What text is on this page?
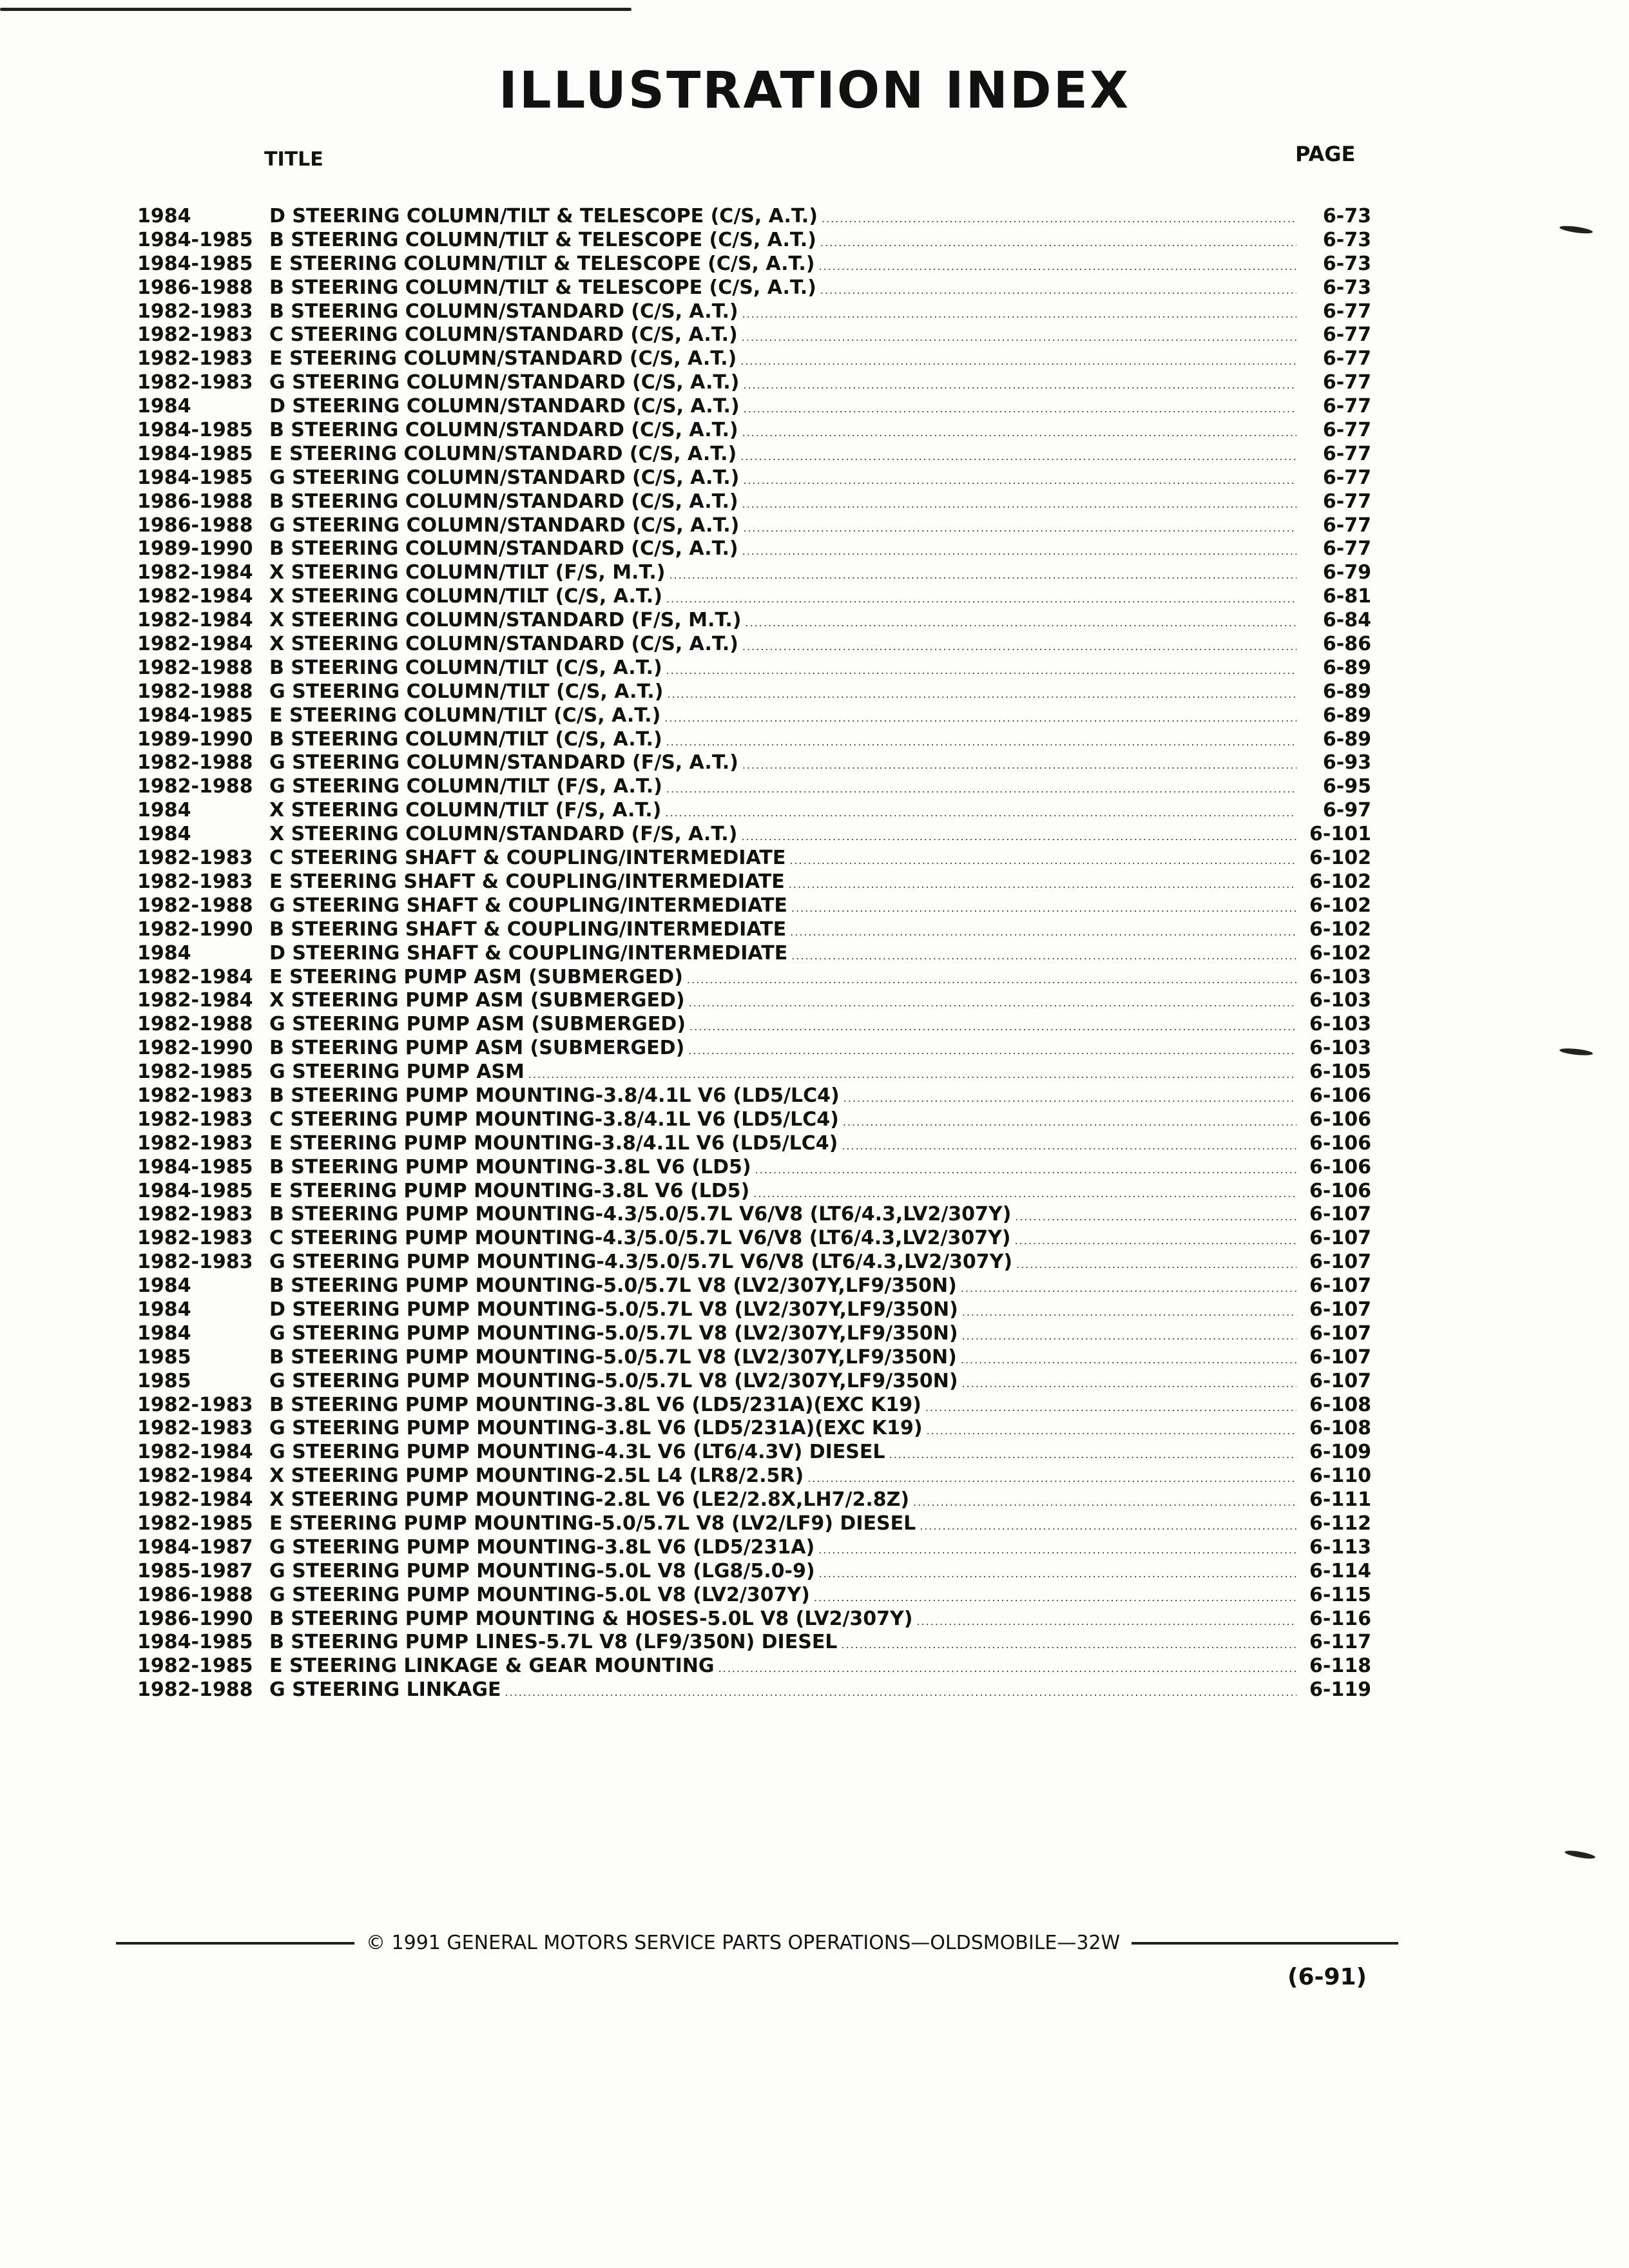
ILLUSTRATION INDEX
TITLE	PAGE
1984	D STEERING COLUMN/TILT & TELESCOPE (C/S, A.T.) .....	6-73
1984-1985 B STEERING COLUMN/TILT & TELESCOPE (C/S, A.T.) .....	6-73
1984-1985 E STEERING COLUMN/TILT & TELESCOPE (C/S, A.T.) .....	6-73
1986-1988 B STEERING COLUMN/TILT & TELESCOPE (C/S, A.T.) .....	6-73
1982-1983 B STEERING COLUMN/STANDARD (C/S, A.T.) .....	6-77
1982-1983 C STEERING COLUMN/STANDARD (C/S, A.T.) .....	6-77
1982-1983 E STEERING COLUMN/STANDARD (C/S, A.T.) .....	6-77
1982-1983 G STEERING COLUMN/STANDARD (C/S, A.T.) .....	6-77
1984	D STEERING COLUMN/STANDARD (C/S, A.T.) .....	6-77
1984-1985 B STEERING COLUMN/STANDARD (C/S, A.T.) .....	6-77
1984-1985 E STEERING COLUMN/STANDARD (C/S, A.T.) .....	6-77
1984-1985 G STEERING COLUMN/STANDARD (C/S, A.T.) .....	6-77
1986-1988 B STEERING COLUMN/STANDARD (C/S, A.T.) .....	6-77
1986-1988 G STEERING COLUMN/STANDARD (C/S, A.T.) .....	6-77
1989-1990 B STEERING COLUMN/STANDARD (C/S, A.T.) .....	6-77
1982-1984 X STEERING COLUMN/TILT (F/S, M.T.) .....	6-79
1982-1984 X STEERING COLUMN/TILT (C/S, A.T.) .....	6-81
1982-1984 X STEERING COLUMN/STANDARD (F/S, M.T.) .....	6-84
1982-1984 X STEERING COLUMN/STANDARD (C/S, A.T.) .....	6-86
1982-1988 B STEERING COLUMN/TILT (C/S, A.T.) .....	6-89
1982-1988 G STEERING COLUMN/TILT (C/S, A.T.) .....	6-89
1984-1985 E STEERING COLUMN/TILT (C/S, A.T.) .....	6-89
1989-1990 B STEERING COLUMN/TILT (C/S, A.T.) .....	6-89
1982-1988 G STEERING COLUMN/STANDARD (F/S, A.T.) .....	6-93
1982-1988 G STEERING COLUMN/TILT (F/S, A.T.) .....	6-95
1984	X STEERING COLUMN/TILT (F/S, A.T.) .....	6-97
1984	X STEERING COLUMN/STANDARD (F/S, A.T.) .....	6-101
1982-1983 C STEERING SHAFT & COUPLING/INTERMEDIATE .....	6-102
1982-1983 E STEERING SHAFT & COUPLING/INTERMEDIATE .....	6-102
1982-1988 G STEERING SHAFT & COUPLING/INTERMEDIATE .....	6-102
1982-1990 B STEERING SHAFT & COUPLING/INTERMEDIATE .....	6-102
1984	D STEERING SHAFT & COUPLING/INTERMEDIATE .....	6-102
1982-1984 E STEERING PUMP ASM (SUBMERGED) .....	6-103
1982-1984 X STEERING PUMP ASM (SUBMERGED) .....	6-103
1982-1988 G STEERING PUMP ASM (SUBMERGED) .....	6-103
1982-1990 B STEERING PUMP ASM (SUBMERGED) .....	6-103
1982-1985 G STEERING PUMP ASM .....	6-105
1982-1983 B STEERING PUMP MOUNTING-3.8/4.1L V6 (LD5/LC4) .....	6-106
1982-1983 C STEERING PUMP MOUNTING-3.8/4.1L V6 (LD5/LC4) .....	6-106
1982-1983 E STEERING PUMP MOUNTING-3.8/4.1L V6 (LD5/LC4) .....	6-106
1984-1985 B STEERING PUMP MOUNTING-3.8L V6 (LD5) .....	6-106
1984-1985 E STEERING PUMP MOUNTING-3.8L V6 (LD5) .....	6-106
1982-1983 B STEERING PUMP MOUNTING-4.3/5.0/5.7L V6/V8 (LT6/4.3,LV2/307Y) .....	6-107
1982-1983 C STEERING PUMP MOUNTING-4.3/5.0/5.7L V6/V8 (LT6/4.3,LV2/307Y) .....	6-107
1982-1983 G STEERING PUMP MOUNTING-4.3/5.0/5.7L V6/V8 (LT6/4.3,LV2/307Y) .....	6-107
1984	B STEERING PUMP MOUNTING-5.0/5.7L V8 (LV2/307Y,LF9/350N) .....	6-107
1984	D STEERING PUMP MOUNTING-5.0/5.7L V8 (LV2/307Y,LF9/350N) .....	6-107
1984	G STEERING PUMP MOUNTING-5.0/5.7L V8 (LV2/307Y,LF9/350N) .....	6-107
1985	B STEERING PUMP MOUNTING-5.0/5.7L V8 (LV2/307Y,LF9/350N) .....	6-107
1985	G STEERING PUMP MOUNTING-5.0/5.7L V8 (LV2/307Y,LF9/350N) .....	6-107
1982-1983 B STEERING PUMP MOUNTING-3.8L V6 (LD5/231A)(EXC K19) .....	6-108
1982-1983 G STEERING PUMP MOUNTING-3.8L V6 (LD5/231A)(EXC K19) .....	6-108
1982-1984 G STEERING PUMP MOUNTING-4.3L V6 (LT6/4.3V) DIESEL .....	6-109
1982-1984 X STEERING PUMP MOUNTING-2.5L L4 (LR8/2.5R) .....	6-110
1982-1984 X STEERING PUMP MOUNTING-2.8L V6 (LE2/2.8X,LH7/2.8Z) .....	6-111
1982-1985 E STEERING PUMP MOUNTING-5.0/5.7L V8 (LV2/LF9) DIESEL .....	6-112
1984-1987 G STEERING PUMP MOUNTING-3.8L V6 (LD5/231A) .....	6-113
1985-1987 G STEERING PUMP MOUNTING-5.0L V8 (LG8/5.0-9) .....	6-114
1986-1988 G STEERING PUMP MOUNTING-5.0L V8 (LV2/307Y) .....	6-115
1986-1990 B STEERING PUMP MOUNTING & HOSES-5.0L V8 (LV2/307Y) .....	6-116
1984-1985 B STEERING PUMP LINES-5.7L V8 (LF9/350N) DIESEL .....	6-117
1982-1985 E STEERING LINKAGE & GEAR MOUNTING .....	6-118
1982-1988 G STEERING LINKAGE .....	6-119
© 1991 GENERAL MOTORS SERVICE PARTS OPERATIONS—OLDSMOBILE—32W
(6-91)
